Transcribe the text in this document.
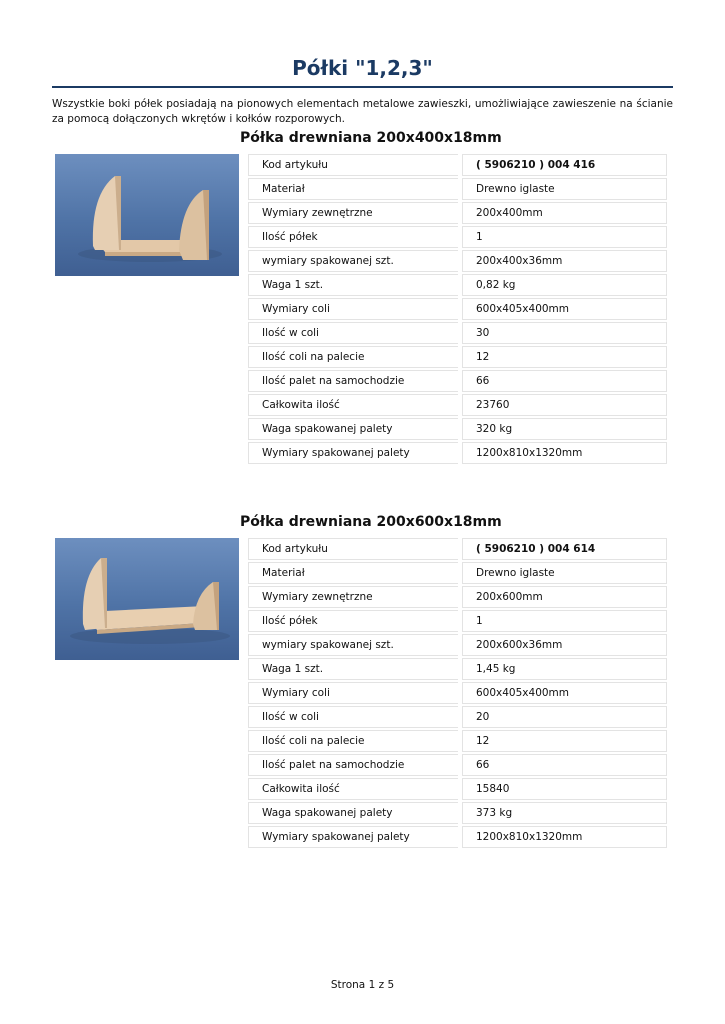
Półki "1,2,3"
Wszystkie boki półek posiadają na pionowych elementach metalowe zawieszki, umożliwiające zawieszenie na ścianie za pomocą dołączonych wkrętów i kołków rozporowych.
Półka drewniana 200x400x18mm
Kod artykułu		( 5906210 ) 004 416
Materiał		Drewno iglaste
Wymiary zewnętrzne		200x400mm
Ilość półek		1
wymiary spakowanej szt.		200x400x36mm
Waga 1 szt.		0,82 kg
Wymiary coli		600x405x400mm
Ilość w coli		30
Ilość coli na palecie		12
Ilość palet na samochodzie		66
Całkowita ilość		23760
Waga spakowanej palety		320 kg
Wymiary spakowanej palety		1200x810x1320mm
Półka drewniana 200x600x18mm
Kod artykułu		( 5906210 ) 004 614
Materiał		Drewno iglaste
Wymiary zewnętrzne		200x600mm
Ilość półek		1
wymiary spakowanej szt.		200x600x36mm
Waga 1 szt.		1,45 kg
Wymiary coli		600x405x400mm
Ilość w coli		20
Ilość coli na palecie		12
Ilość palet na samochodzie		66
Całkowita ilość		15840
Waga spakowanej palety		373 kg
Wymiary spakowanej palety		1200x810x1320mm
Strona 1 z 5
